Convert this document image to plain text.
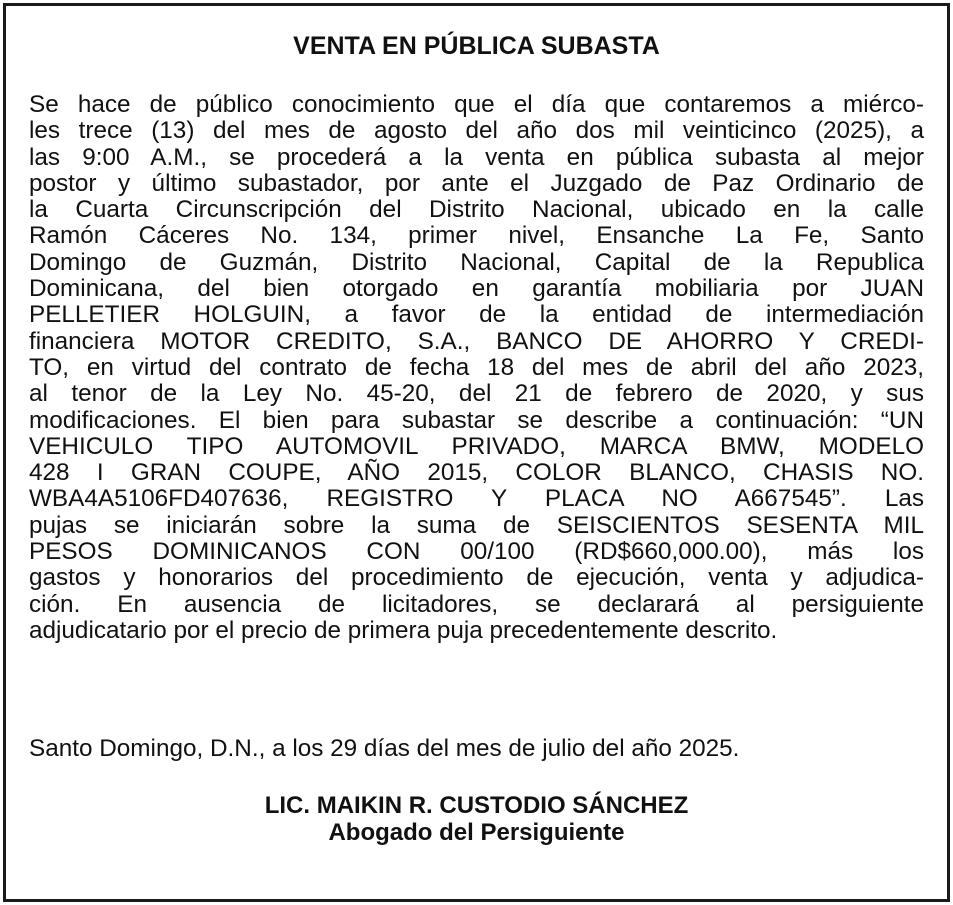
VENTA EN PÚBLICA SUBASTA
Se hace de público conocimiento que el día que contaremos a miérco-
les trece (13) del mes de agosto del año dos mil veinticinco (2025), a
las 9:00 A.M., se procederá a la venta en pública subasta al mejor
postor y último subastador, por ante el Juzgado de Paz Ordinario de
la Cuarta Circunscripción del Distrito Nacional, ubicado en la calle
Ramón Cáceres No. 134, primer nivel, Ensanche La Fe, Santo
Domingo de Guzmán, Distrito Nacional, Capital de la Republica
Dominicana, del bien otorgado en garantía mobiliaria por JUAN
PELLETIER HOLGUIN, a favor de la entidad de intermediación
financiera MOTOR CREDITO, S.A., BANCO DE AHORRO Y CREDI-
TO, en virtud del contrato de fecha 18 del mes de abril del año 2023,
al tenor de la Ley No. 45-20, del 21 de febrero de 2020, y sus
modificaciones. El bien para subastar se describe a continuación: “UN
VEHICULO TIPO AUTOMOVIL PRIVADO, MARCA BMW, MODELO
428 I GRAN COUPE, AÑO 2015, COLOR BLANCO, CHASIS NO.
WBA4A5106FD407636, REGISTRO Y PLACA NO A667545”. Las
pujas se iniciarán sobre la suma de SEISCIENTOS SESENTA MIL
PESOS DOMINICANOS CON 00/100 (RD$660,000.00), más los
gastos y honorarios del procedimiento de ejecución, venta y adjudica-
ción. En ausencia de licitadores, se declarará al persiguiente
adjudicatario por el precio de primera puja precedentemente descrito.
Santo Domingo, D.N., a los 29 días del mes de julio del año 2025.
LIC. MAIKIN R. CUSTODIO SÁNCHEZ
Abogado del Persiguiente
